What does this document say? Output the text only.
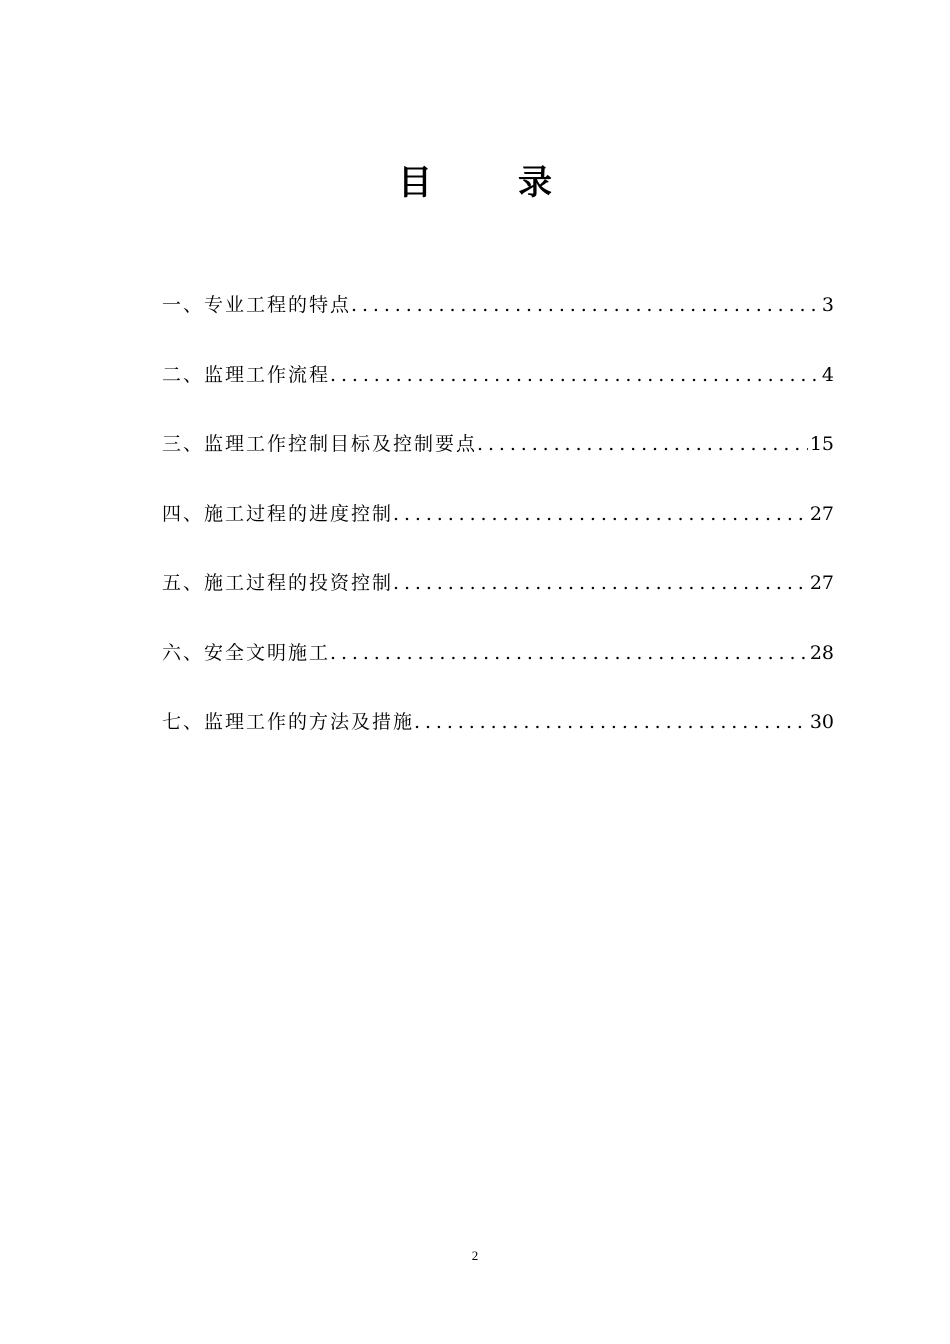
目	录
一、专业工程的特点 .....	3
二、监理工作流程 .....	4
三、监理工作控制目标及控制要点 .....	15
四、施工过程的进度控制 .....	27
五、施工过程的投资控制 .....	27
六、安全文明施工 .....	28
七、监理工作的方法及措施 .....	30
2
